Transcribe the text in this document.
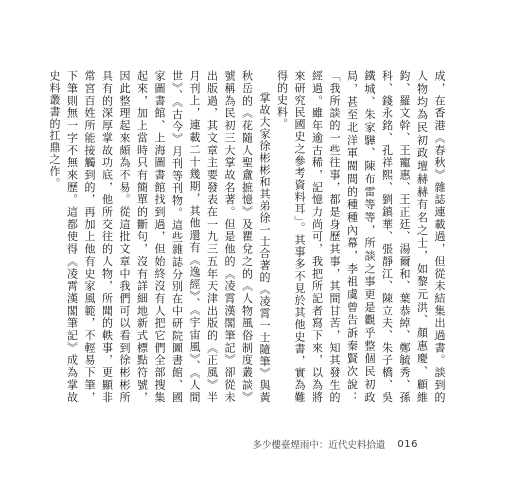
成，在香港《春秋》雜誌連載過，但從未結集出過書。談到的人物均為民初政壇赫赫有名之士，如黎元洪、顏惠慶、顧維鈞、羅文幹、王寵惠、王正廷、湯爾和、葉恭綽、鄭毓秀、孫科、錢永銘、孔祥熙、劉鎮華、張靜江、陳立夫、朱子橋、吳鐵城、朱家驊、陳布雷等等，所談之事更是觀乎整個民初政局，甚至北洋軍閥間的種種內幕，李祖虞曾告訴秦賢次說：「我所談的一些往事，都是身歷其事，其間甘苦，知其發生的經過。雖年逾古稀，記憶力尚可，我把所記者寫下來，以為將來研究民國史之參考資料耳」。其事多不見於其他史書，實為難得的史料。

掌故大家徐彬彬和其弟徐一士合著的《凌霄一士隨筆》與黃秋岳的《花隨人聖盦摭憶》及瞿兌之的《人物風俗制度叢談》號稱為民初三大掌故名著。但是他的《凌霄漢閣筆記》卻從未出版過，其文章主要發表在一九三五年天津出版的《正風》半月刊上，連載二十幾期，其他還有《逸經》、《宇宙風》、《人間世》、《古今》月刊等刊物。這些雜誌分別在中研院圖書館、國家圖書館、上海圖書館找到過，但始終沒有人把它們全部搜集起來，加上當時只有簡單的斷句，沒有詳細地新式標點符號，因此整理起來頗為不易。從這批文章中我們可以看到徐彬彬所具有的深厚掌故功底，他所交往的人物，所聞的軼事，更顯非常宮百姓所能接觸到的，再加上他有史家風範，不輕易下筆，下筆則無一字不無來歷。這都使得《凌霄漢閣筆記》成為掌故史料叢書的扛鼎之作。

多少樓臺煙雨中：近代史料拾遺 016
